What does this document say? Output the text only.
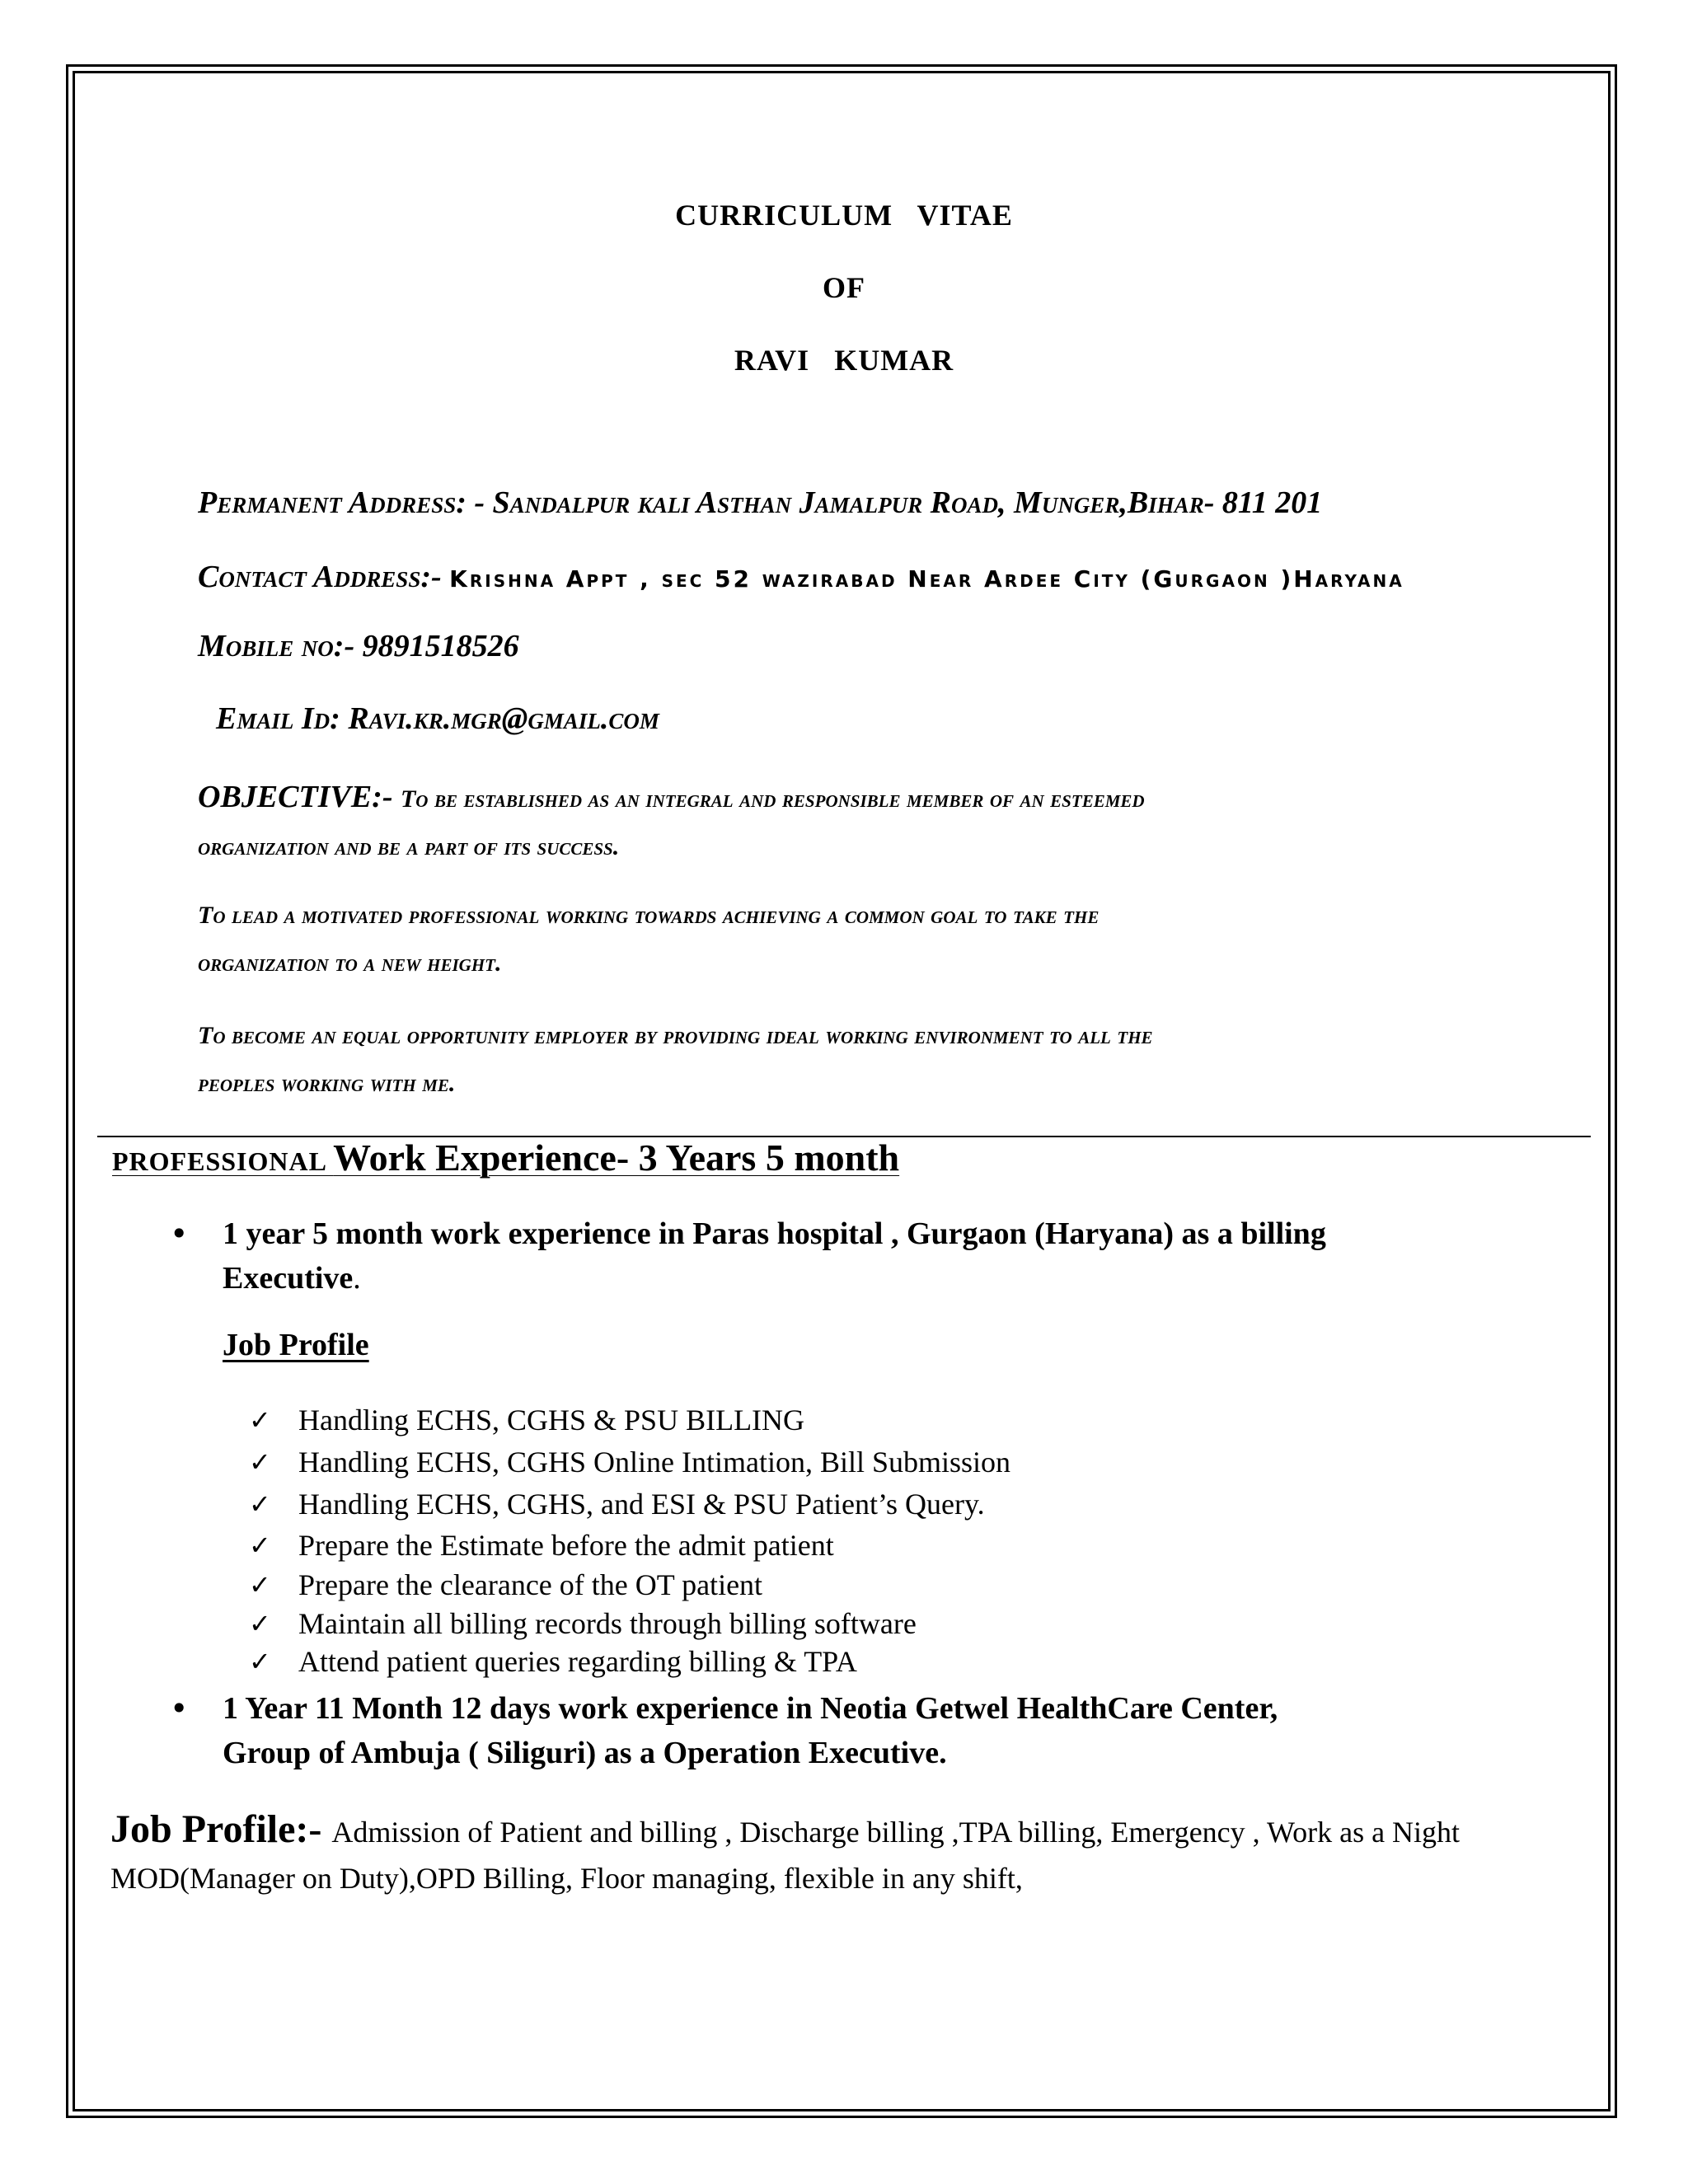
CURRICULUM   VITAE
OF
RAVI   KUMAR
Permanent Address: - Sandalpur kali Asthan Jamalpur Road, Munger,Bihar- 811 201
Contact Address:- Krishna Appt , sec 52 wazirabad Near Ardee City (Gurgaon )Haryana
Mobile no:- 9891518526
Email Id: Ravi.kr.mgr@gmail.com
OBJECTIVE:- To be established as an integral and responsible member of an esteemed
organization and be a part of its success.
To lead a motivated professional working towards achieving a common goal to take the
organization to a new height.
To become an equal opportunity employer by providing ideal working environment to all the
peoples working with me.
PROFESSIONAL Work Experience- 3 Years 5 month
• 1 year 5 month work experience in Paras hospital , Gurgaon (Haryana) as a billing
Executive.
Job Profile
✓ Handling ECHS, CGHS & PSU BILLING
✓ Handling ECHS, CGHS Online Intimation, Bill Submission
✓ Handling ECHS, CGHS, and ESI & PSU Patient’s Query.
✓ Prepare the Estimate before the admit patient
✓ Prepare the clearance of the OT patient
✓ Maintain all billing records through billing software
✓ Attend patient queries regarding billing & TPA
• 1 Year 11 Month 12 days work experience in Neotia Getwel HealthCare Center,
Group of Ambuja ( Siliguri) as a Operation Executive.
Job Profile:- Admission of Patient and billing , Discharge billing ,TPA billing, Emergency , Work as a Night MOD(Manager on Duty),OPD Billing, Floor managing, flexible in any shift,
